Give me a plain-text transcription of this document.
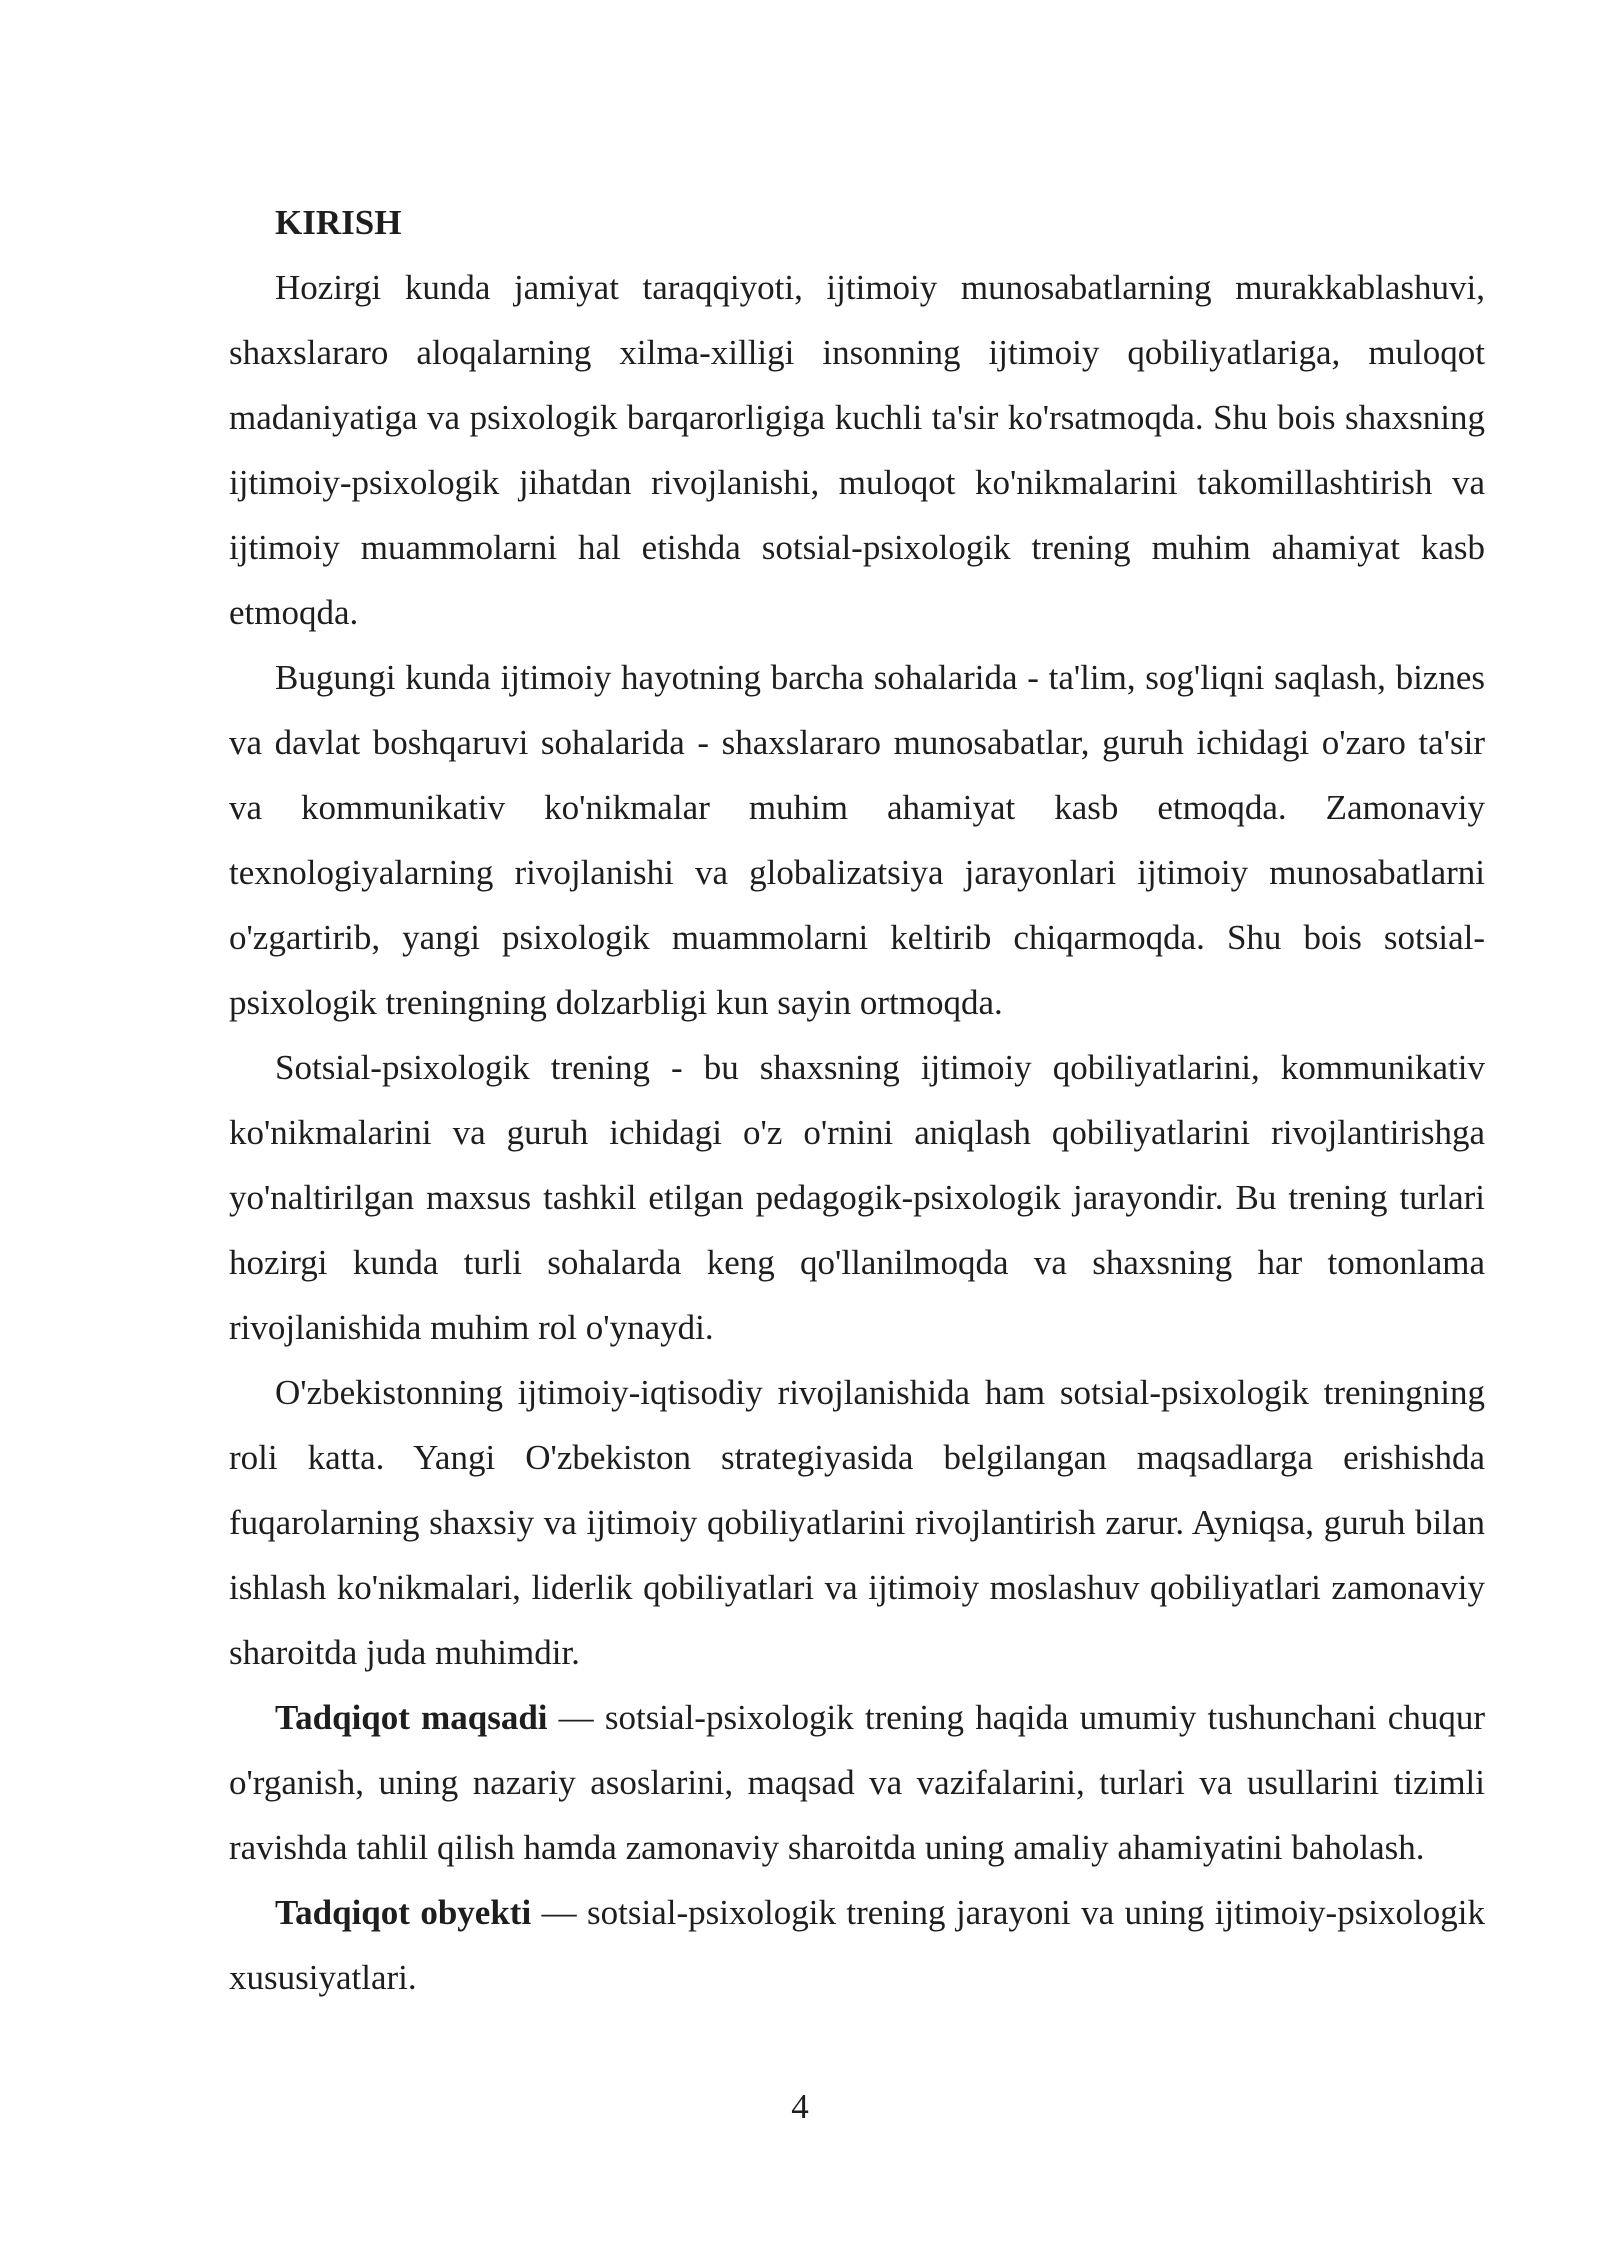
KIRISH

Hozirgi kunda jamiyat taraqqiyoti, ijtimoiy munosabatlarning murakkablashuvi, shaxslararo aloqalarning xilma-xilligi insonning ijtimoiy qobiliyatlariga, muloqot madaniyatiga va psixologik barqarorligiga kuchli ta'sir ko'rsatmoqda. Shu bois shaxsning ijtimoiy-psixologik jihatdan rivojlanishi, muloqot ko'nikmalarini takomillashtirish va ijtimoiy muammolarni hal etishda sotsial-psixologik trening muhim ahamiyat kasb etmoqda.

Bugungi kunda ijtimoiy hayotning barcha sohalarida - ta'lim, sog'liqni saqlash, biznes va davlat boshqaruvi sohalarida - shaxslararo munosabatlar, guruh ichidagi o'zaro ta'sir va kommunikativ ko'nikmalar muhim ahamiyat kasb etmoqda. Zamonaviy texnologiyalarning rivojlanishi va globalizatsiya jarayonlari ijtimoiy munosabatlarni o'zgartirib, yangi psixologik muammolarni keltirib chiqarmoqda. Shu bois sotsial-psixologik treningning dolzarbligi kun sayin ortmoqda.

Sotsial-psixologik trening - bu shaxsning ijtimoiy qobiliyatlarini, kommunikativ ko'nikmalarini va guruh ichidagi o'z o'rnini aniqlash qobiliyatlarini rivojlantirishga yo'naltirilgan maxsus tashkil etilgan pedagogik-psixologik jarayondir. Bu trening turlari hozirgi kunda turli sohalarda keng qo'llanilmoqda va shaxsning har tomonlama rivojlanishida muhim rol o'ynaydi.

O'zbekistonning ijtimoiy-iqtisodiy rivojlanishida ham sotsial-psixologik treningning roli katta. Yangi O'zbekiston strategiyasida belgilangan maqsadlarga erishishda fuqarolarning shaxsiy va ijtimoiy qobiliyatlarini rivojlantirish zarur. Ayniqsa, guruh bilan ishlash ko'nikmalari, liderlik qobiliyatlari va ijtimoiy moslashuv qobiliyatlari zamonaviy sharoitda juda muhimdir.

Tadqiqot maqsadi — sotsial-psixologik trening haqida umumiy tushunchani chuqur o'rganish, uning nazariy asoslarini, maqsad va vazifalarini, turlari va usullarini tizimli ravishda tahlil qilish hamda zamonaviy sharoitda uning amaliy ahamiyatini baholash.

Tadqiqot obyekti — sotsial-psixologik trening jarayoni va uning ijtimoiy-psixologik xususiyatlari.

4
